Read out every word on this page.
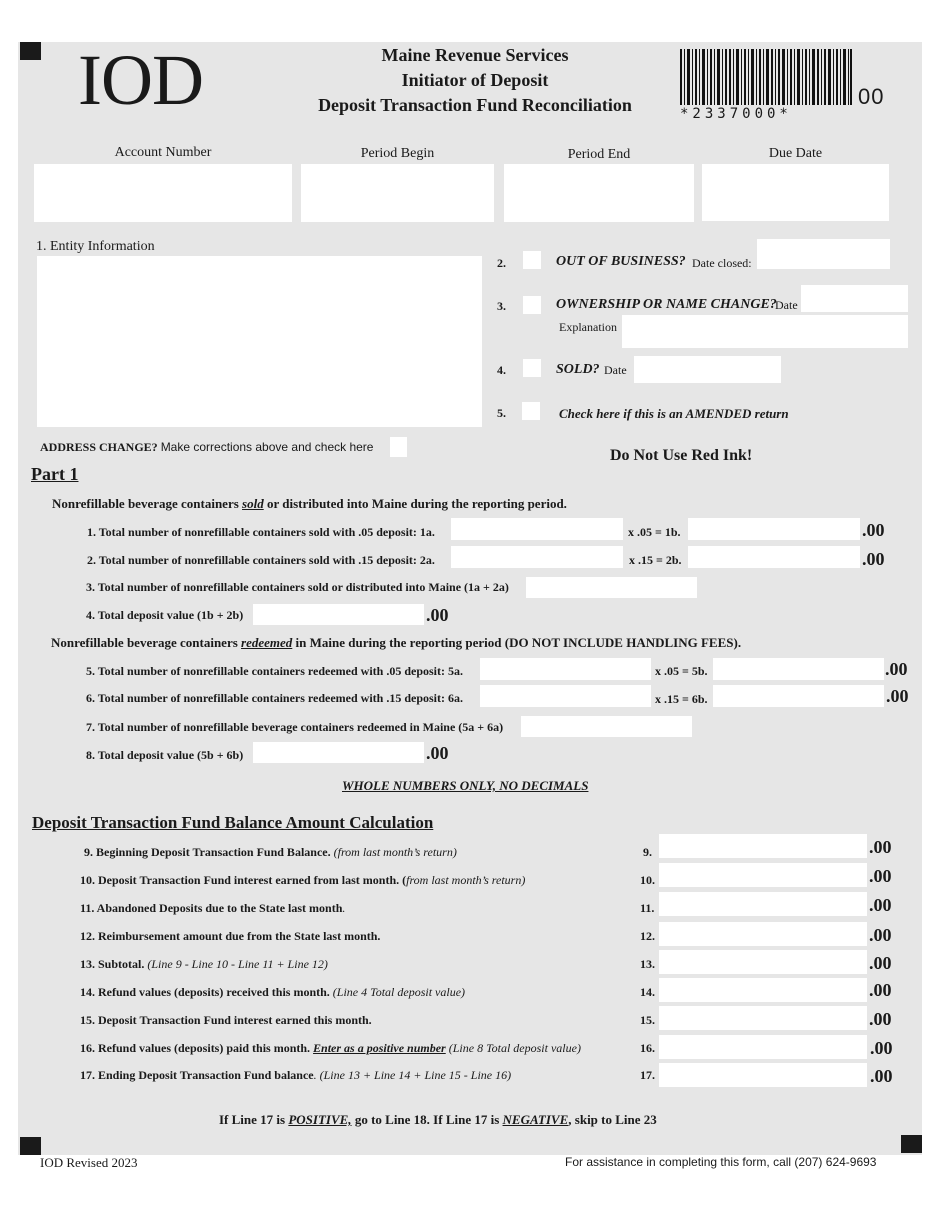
IOD	Maine Revenue Services
Initiator of Deposit
Deposit Transaction Fund Reconciliation	*2337000*
00
Account Number	Period Begin	Period End	Due Date
1. Entity Information
ADDRESS CHANGE? Make corrections above and check here
2.	OUT OF BUSINESS? Date closed:
3.	OWNERSHIP OR NAME CHANGE?
Date
Explanation
4.	SOLD? Date
5.	Check here if this is an AMENDED return
Do Not Use Red Ink!
Part 1
Nonrefillable beverage containers sold or distributed into Maine during the reporting period.
1. Total number of nonrefillable containers sold with .05 deposit: 1a.	x .05 = 1b.	.00
2. Total number of nonrefillable containers sold with .15 deposit: 2a.	x .15 = 2b.	.00
3. Total number of nonrefillable containers sold or distributed into Maine (1a + 2a)
4. Total deposit value (1b + 2b)	.00
Nonrefillable beverage containers redeemed in Maine during the reporting period (DO NOT INCLUDE HANDLING FEES).
5. Total number of nonrefillable containers redeemed with .05 deposit: 5a.	x .05 = 5b.	.00
6. Total number of nonrefillable containers redeemed with .15 deposit: 6a.	x .15 = 6b.	.00
7. Total number of nonrefillable beverage containers redeemed in Maine (5a + 6a)
8. Total deposit value (5b + 6b)	.00
WHOLE NUMBERS ONLY, NO DECIMALS
Deposit Transaction Fund Balance Amount Calculation
9. Beginning Deposit Transaction Fund Balance. (from last month’s return)	9.	.00
10. Deposit Transaction Fund interest earned from last month. (from last month’s return)	10.	.00
11. Abandoned Deposits due to the State last month.	11.	.00
12. Reimbursement amount due from the State last month.	12.	.00
13. Subtotal. (Line 9 - Line 10 - Line 11 + Line 12)	13.	.00
14. Refund values (deposits) received this month. (Line 4 Total deposit value)	14.	.00
15. Deposit Transaction Fund interest earned this month.	15.	.00
16. Refund values (deposits) paid this month. Enter as a positive number (Line 8 Total deposit value)	16.	.00
17. Ending Deposit Transaction Fund balance. (Line 13 + Line 14 + Line 15 - Line 16)	17.	.00
If Line 17 is POSITIVE, go to Line 18. If Line 17 is NEGATIVE, skip to Line 23
IOD Revised 2023	For assistance in completing this form, call (207) 624-9693
